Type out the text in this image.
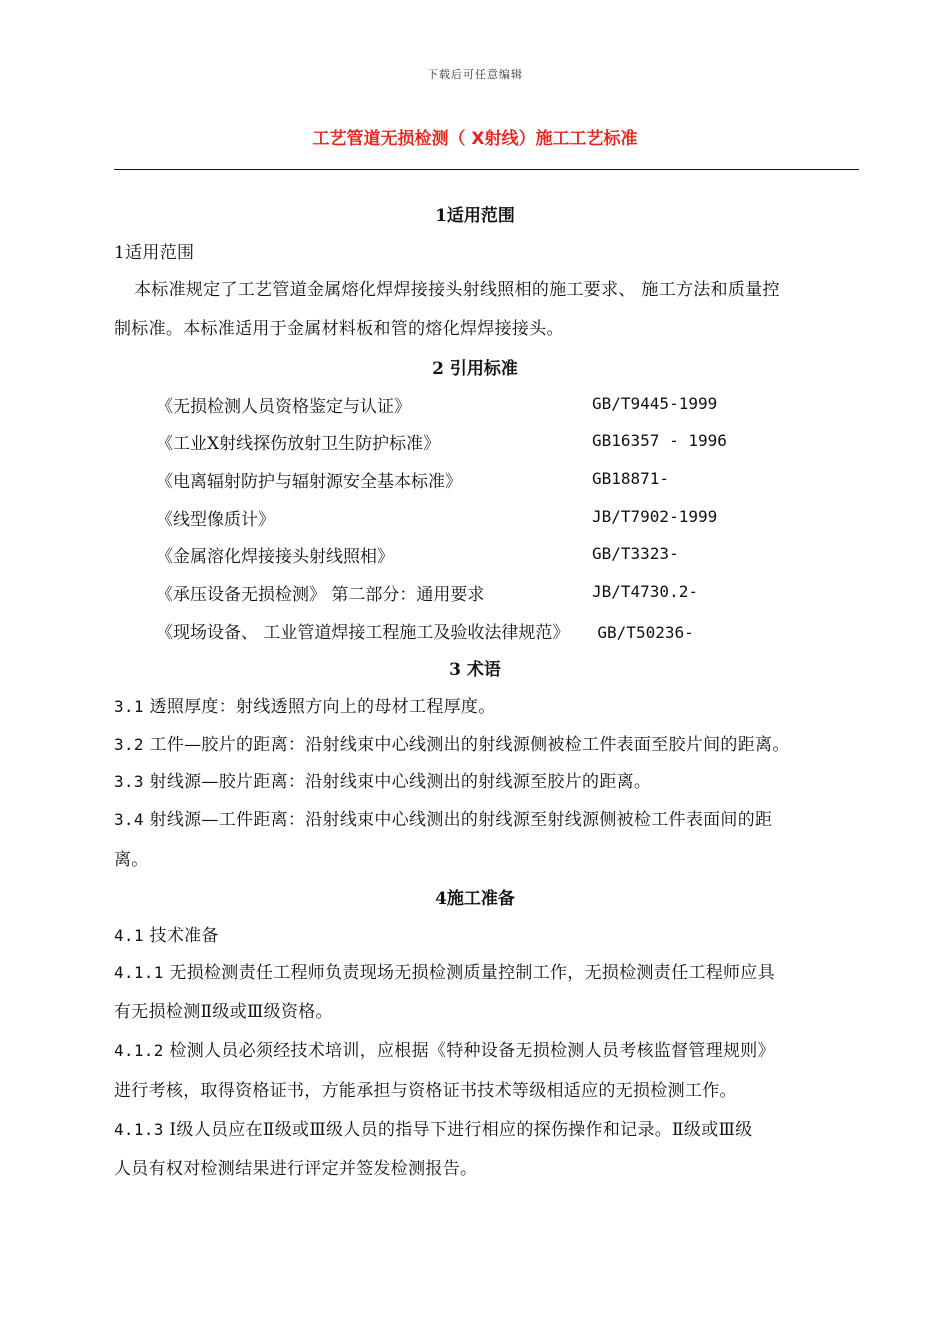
下载后可任意编辑
工艺管道无损检测（ X射线）施工工艺标准
1适用范围
1适用范围
本标准规定了工艺管道金属熔化焊焊接接头射线照相的施工要求、 施工方法和质量控
制标准。本标准适用于金属材料板和管的熔化焊焊接接头。
2 引用标准
《无损检测人员资格鉴定与认证》	GB/T9445-1999
《工业X射线探伤放射卫生防护标准》	GB16357 - 1996
《电离辐射防护与辐射源安全基本标准》	GB18871-
《线型像质计》	JB/T7902-1999
《金属溶化焊接接头射线照相》	GB/T3323-
《承压设备无损检测》 第二部分：通用要求	JB/T4730.2-
《现场设备、 工业管道焊接工程施工及验收法律规范》 GB/T50236-
3 术语
3.1 透照厚度：射线透照方向上的母材工程厚度。
3.2 工件—胶片的距离：沿射线束中心线测出的射线源侧被检工件表面至胶片间的距离。
3.3 射线源—胶片距离：沿射线束中心线测出的射线源至胶片的距离。
3.4 射线源—工件距离：沿射线束中心线测出的射线源至射线源侧被检工件表面间的距
离。
4施工准备
4.1 技术准备
4.1.1 无损检测责任工程师负责现场无损检测质量控制工作，无损检测责任工程师应具
有无损检测Ⅱ级或Ⅲ级资格。
4.1.2 检测人员必须经技术培训，应根据《特种设备无损检测人员考核监督管理规则》
进行考核，取得资格证书，方能承担与资格证书技术等级相适应的无损检测工作。
4.1.3 Ⅰ级人员应在Ⅱ级或Ⅲ级人员的指导下进行相应的探伤操作和记录。Ⅱ级或Ⅲ级
人员有权对检测结果进行评定并签发检测报告。
